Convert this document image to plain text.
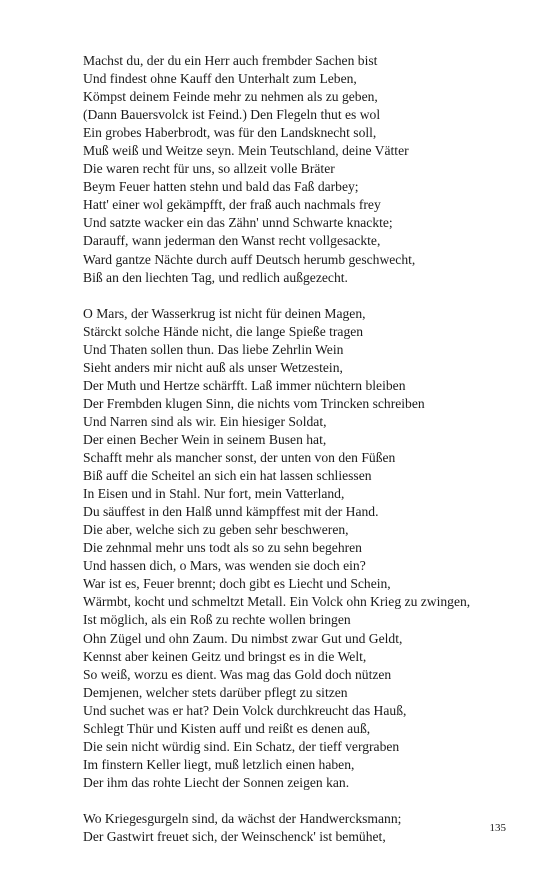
Machst du, der du ein Herr auch frembder Sachen bist
Und findest ohne Kauff den Unterhalt zum Leben,
Kömpst deinem Feinde mehr zu nehmen als zu geben,
(Dann Bauersvolck ist Feind.) Den Flegeln thut es wol
Ein grobes Haberbrodt, was für den Landsknecht soll,
Muß weiß und Weitze seyn. Mein Teutschland, deine Vätter
Die waren recht für uns, so allzeit volle Bräter
Beym Feuer hatten stehn und bald das Faß darbey;
Hatt' einer wol gekämpfft, der fraß auch nachmals frey
Und satzte wacker ein das Zähn' unnd Schwarte knackte;
Darauff, wann jederman den Wanst recht vollgesackte,
Ward gantze Nächte durch auff Deutsch herumb geschwecht,
Biß an den liechten Tag, und redlich außgezecht.
O Mars, der Wasserkrug ist nicht für deinen Magen,
Stärckt solche Hände nicht, die lange Spieße tragen
Und Thaten sollen thun. Das liebe Zehrlin Wein
Sieht anders mir nicht auß als unser Wetzestein,
Der Muth und Hertze schärfft. Laß immer nüchtern bleiben
Der Frembden klugen Sinn, die nichts vom Trincken schreiben
Und Narren sind als wir. Ein hiesiger Soldat,
Der einen Becher Wein in seinem Busen hat,
Schafft mehr als mancher sonst, der unten von den Füßen
Biß auff die Scheitel an sich ein hat lassen schliessen
In Eisen und in Stahl. Nur fort, mein Vatterland,
Du säuffest in den Halß unnd kämpffest mit der Hand.
Die aber, welche sich zu geben sehr beschweren,
Die zehnmal mehr uns todt als so zu sehn begehren
Und hassen dich, o Mars, was wenden sie doch ein?
War ist es, Feuer brennt; doch gibt es Liecht und Schein,
Wärmbt, kocht und schmeltzt Metall. Ein Volck ohn Krieg zu zwingen,
Ist möglich, als ein Roß zu rechte wollen bringen
Ohn Zügel und ohn Zaum. Du nimbst zwar Gut und Geldt,
Kennst aber keinen Geitz und bringst es in die Welt,
So weiß, worzu es dient. Was mag das Gold doch nützen
Demjenen, welcher stets darüber pflegt zu sitzen
Und suchet was er hat? Dein Volck durchkreucht das Hauß,
Schlegt Thür und Kisten auff und reißt es denen auß,
Die sein nicht würdig sind. Ein Schatz, der tieff vergraben
Im finstern Keller liegt, muß letzlich einen haben,
Der ihm das rohte Liecht der Sonnen zeigen kan.
Wo Kriegesgurgeln sind, da wächst der Handwercksmann;
Der Gastwirt freuet sich, der Weinschenck' ist bemühet,
135
